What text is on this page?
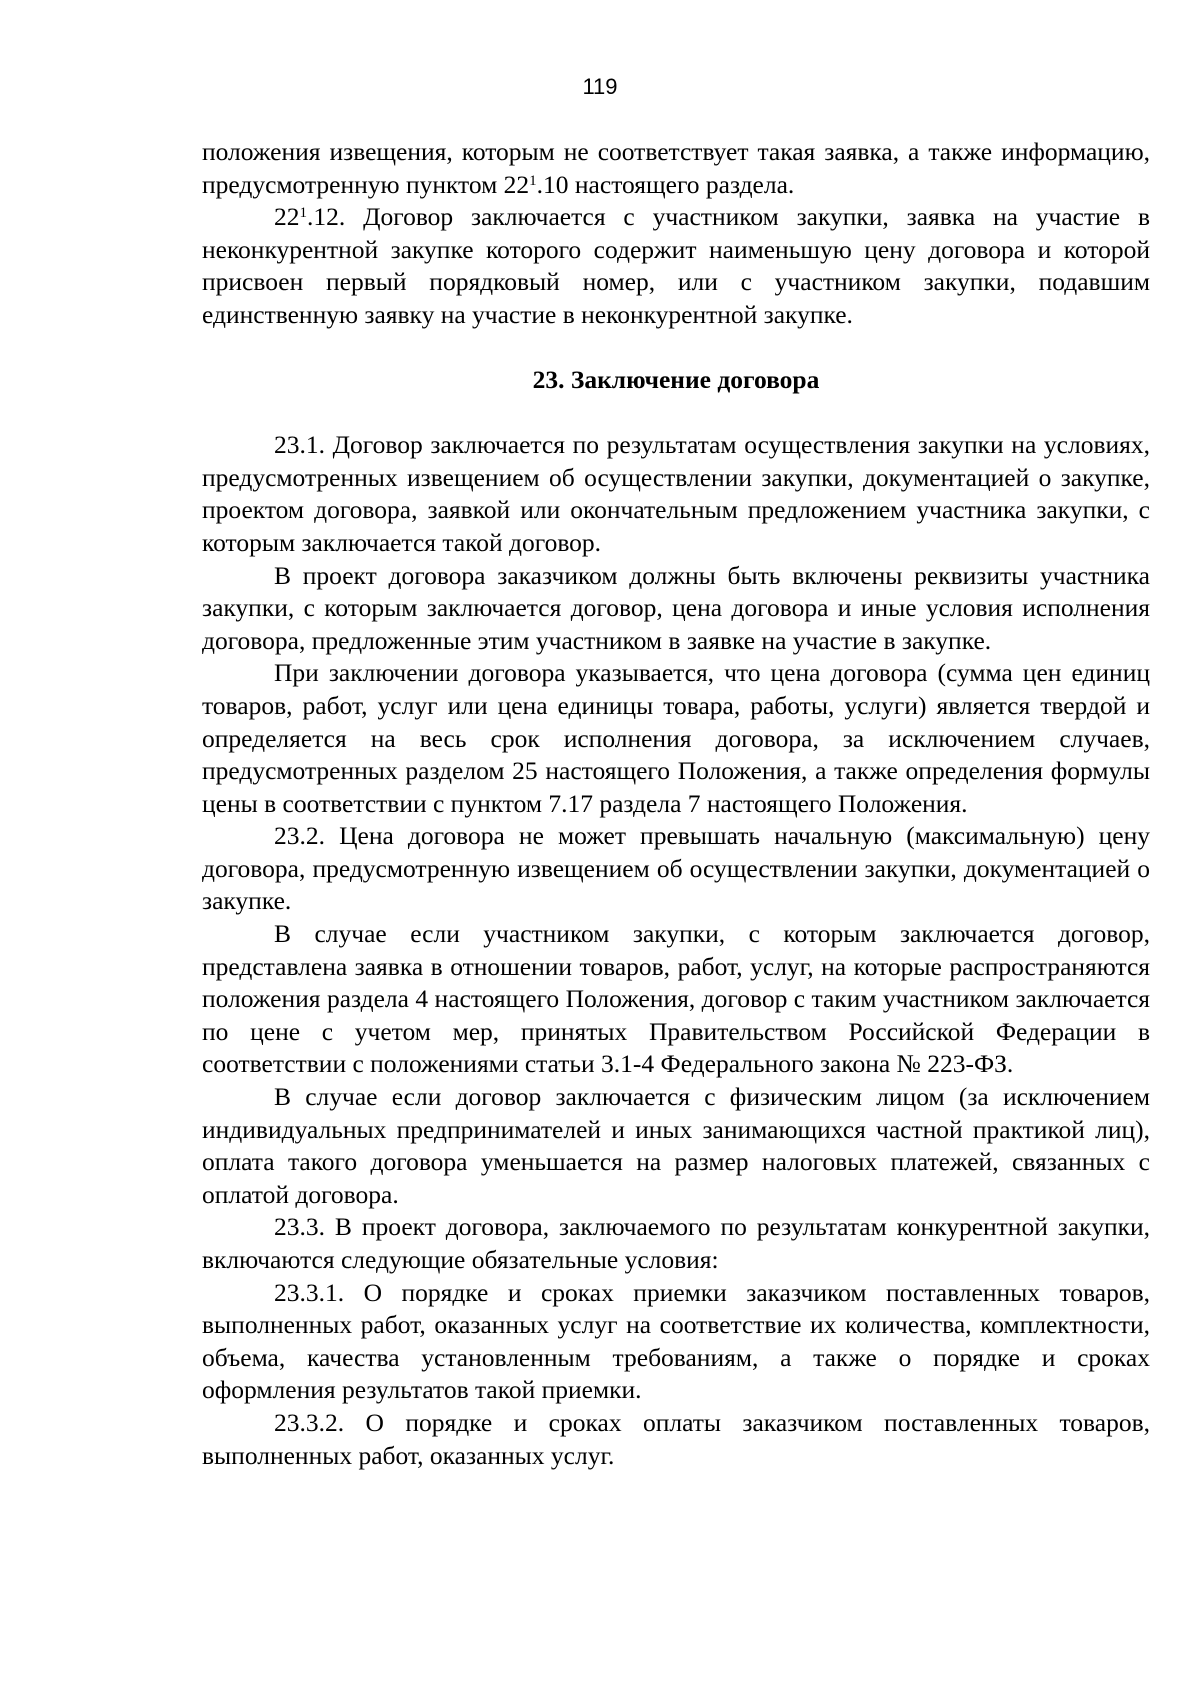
119

положения извещения, которым не соответствует такая заявка, а также информацию, предусмотренную пунктом $22^1.10$ настоящего раздела.

$22^1.12$. Договор заключается с участником закупки, заявка на участие в неконкурентной закупке которого содержит наименьшую цену договора и которой присвоен первый порядковый номер, или с участником закупки, подавшим единственную заявку на участие в неконкурентной закупке.

23. Заключение договора

23.1. Договор заключается по результатам осуществления закупки на условиях, предусмотренных извещением об осуществлении закупки, документацией о закупке, проектом договора, заявкой или окончательным предложением участника закупки, с которым заключается такой договор.

В проект договора заказчиком должны быть включены реквизиты участника закупки, с которым заключается договор, цена договора и иные условия исполнения договора, предложенные этим участником в заявке на участие в закупке.

При заключении договора указывается, что цена договора (сумма цен единиц товаров, работ, услуг или цена единицы товара, работы, услуги) является твердой и определяется на весь срок исполнения договора, за исключением случаев, предусмотренных разделом 25 настоящего Положения, а также определения формулы цены в соответствии с пунктом 7.17 раздела 7 настоящего Положения.

23.2. Цена договора не может превышать начальную (максимальную) цену договора, предусмотренную извещением об осуществлении закупки, документацией о закупке.

В случае если участником закупки, с которым заключается договор, представлена заявка в отношении товаров, работ, услуг, на которые распространяются положения раздела 4 настоящего Положения, договор с таким участником заключается по цене с учетом мер, принятых Правительством Российской Федерации в соответствии с положениями статьи 3.1-4 Федерального закона № 223-ФЗ.

В случае если договор заключается с физическим лицом (за исключением индивидуальных предпринимателей и иных занимающихся частной практикой лиц), оплата такого договора уменьшается на размер налоговых платежей, связанных с оплатой договора.

23.3. В проект договора, заключаемого по результатам конкурентной закупки, включаются следующие обязательные условия:

23.3.1. О порядке и сроках приемки заказчиком поставленных товаров, выполненных работ, оказанных услуг на соответствие их количества, комплектности, объема, качества установленным требованиям, а также о порядке и сроках оформления результатов такой приемки.

23.3.2. О порядке и сроках оплаты заказчиком поставленных товаров, выполненных работ, оказанных услуг.
